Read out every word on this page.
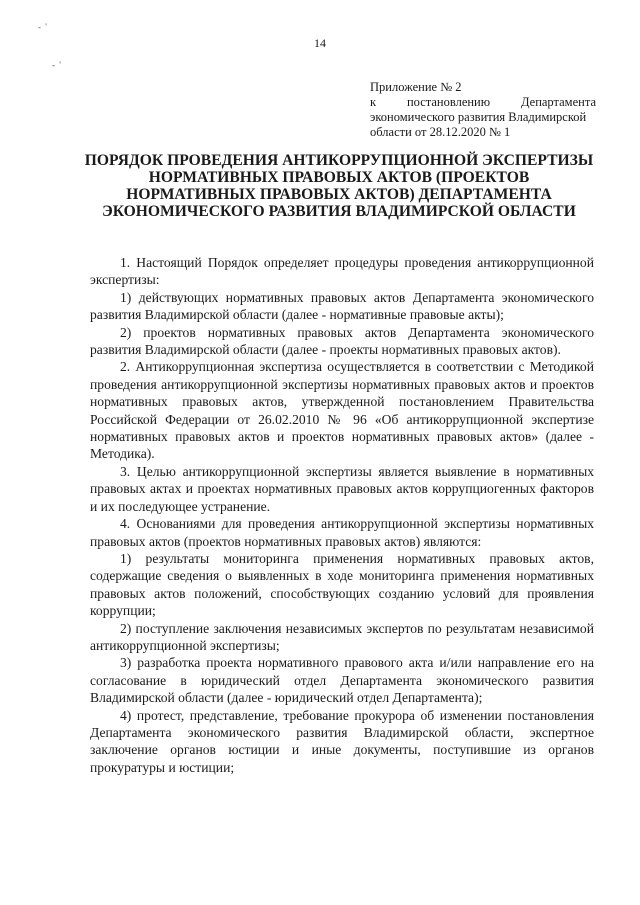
- '
- '
14
Приложение № 2
к постановлению Департамента
экономического развития Владимирской
области от 28.12.2020 № 1
ПОРЯДОК ПРОВЕДЕНИЯ АНТИКОРРУПЦИОННОЙ ЭКСПЕРТИЗЫ НОРМАТИВНЫХ ПРАВОВЫХ АКТОВ (ПРОЕКТОВ НОРМАТИВНЫХ ПРАВОВЫХ АКТОВ) ДЕПАРТАМЕНТА ЭКОНОМИЧЕСКОГО РАЗВИТИЯ ВЛАДИМИРСКОЙ ОБЛАСТИ

1. Настоящий Порядок определяет процедуры проведения антикоррупционной экспертизы:

1) действующих нормативных правовых актов Департамента экономического развития Владимирской области (далее - нормативные правовые акты);

2) проектов нормативных правовых актов Департамента экономического развития Владимирской области (далее - проекты нормативных правовых актов).

2. Антикоррупционная экспертиза осуществляется в соответствии с Методикой проведения антикоррупционной экспертизы нормативных правовых актов и проектов нормативных правовых актов, утвержденной постановлением Правительства Российской Федерации от 26.02.2010 № 96 «Об антикоррупционной экспертизе нормативных правовых актов и проектов нормативных правовых актов» (далее - Методика).

3. Целью антикоррупционной экспертизы является выявление в нормативных правовых актах и проектах нормативных правовых актов коррупциогенных факторов и их последующее устранение.

4. Основаниями для проведения антикоррупционной экспертизы нормативных правовых актов (проектов нормативных правовых актов) являются:

1) результаты мониторинга применения нормативных правовых актов, содержащие сведения о выявленных в ходе мониторинга применения нормативных правовых актов положений, способствующих созданию условий для проявления коррупции;

2) поступление заключения независимых экспертов по результатам независимой антикоррупционной экспертизы;

3) разработка проекта нормативного правового акта и/или направление его на согласование в юридический отдел Департамента экономического развития Владимирской области (далее - юридический отдел Департамента);

4) протест, представление, требование прокурора об изменении постановления Департамента экономического развития Владимирской области, экспертное заключение органов юстиции и иные документы, поступившие из органов прокуратуры и юстиции;
